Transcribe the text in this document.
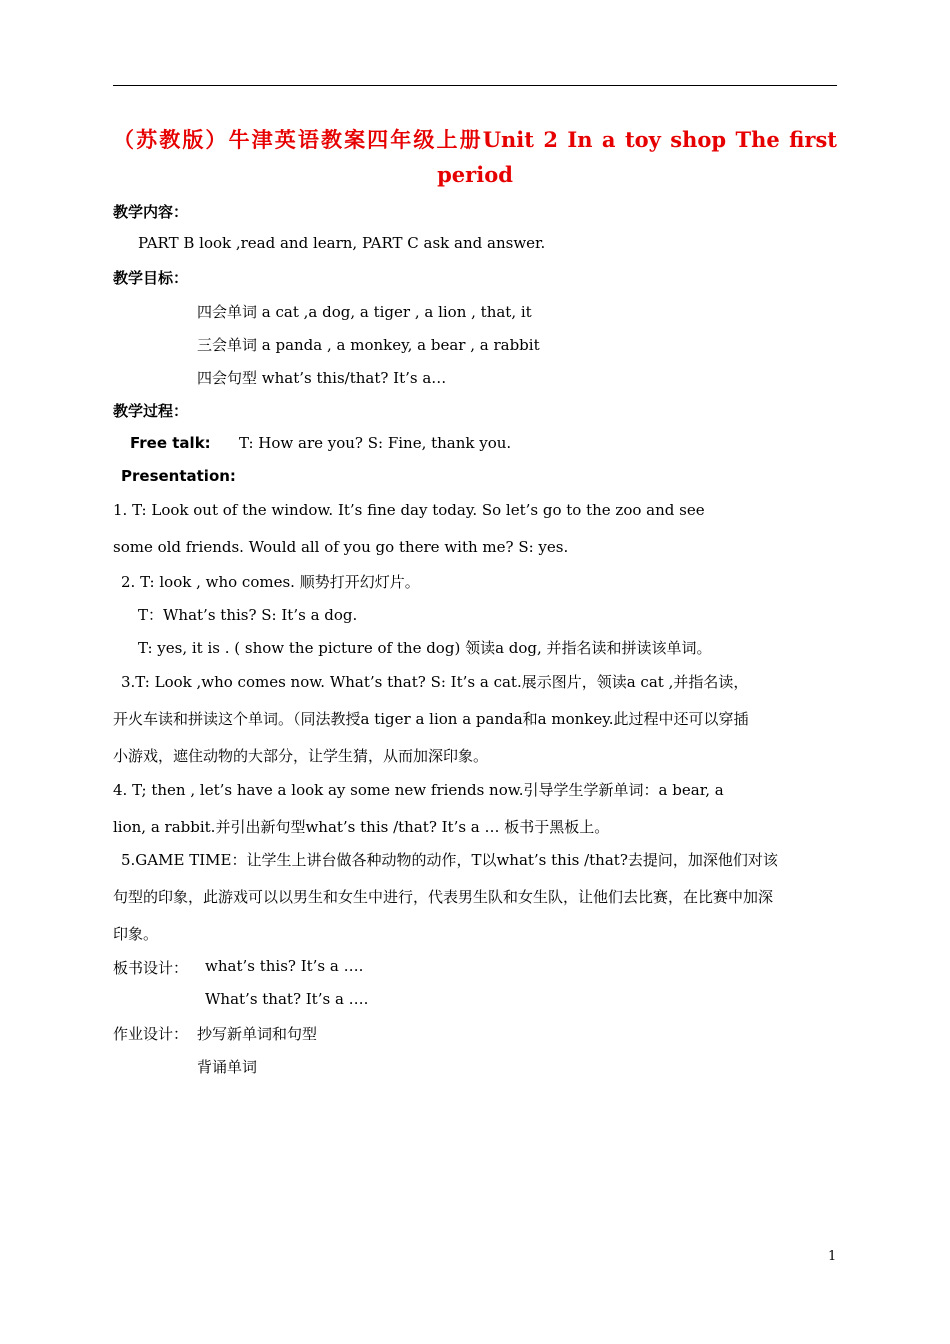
（苏教版）牛津英语教案四年级上册Unit 2 In a toy shop The first
period
教学内容：
PART B look ,read and learn, PART C ask and answer.
教学目标：
四会单词 a cat ,a dog, a tiger , a lion , that, it
三会单词 a panda , a monkey, a bear , a rabbit
四会句型 what’s this/that? It’s a…
教学过程：
Free talk: T: How are you? S: Fine, thank you.
Presentation:
1. T: Look out of the window. It’s fine day today. So let’s go to the zoo and see
some old friends. Would all of you go there with me? S: yes.
2. T: look , who comes. 顺势打开幻灯片。
T：What’s this? S: It’s a dog.
T: yes, it is . ( show the picture of the dog) 领读a dog, 并指名读和拼读该单词。
3.T: Look ,who comes now. What’s that? S: It’s a cat.展示图片，领读a cat ,并指名读，
开火车读和拼读这个单词。（同法教授a tiger a lion a panda和a monkey.此过程中还可以穿插
小游戏，遮住动物的大部分，让学生猜，从而加深印象。
4. T; then , let’s have a look ay some new friends now.引导学生学新单词：a bear, a
lion, a rabbit.并引出新句型what’s this /that? It’s a … 板书于黑板上。
5.GAME TIME：让学生上讲台做各种动物的动作，T以what’s this /that?去提问，加深他们对该
句型的印象，此游戏可以以男生和女生中进行，代表男生队和女生队，让他们去比赛，在比赛中加深
印象。
板书设计： what’s this? It’s a ….
What’s that? It’s a ….
作业设计： 抄写新单词和句型
背诵单词
1
